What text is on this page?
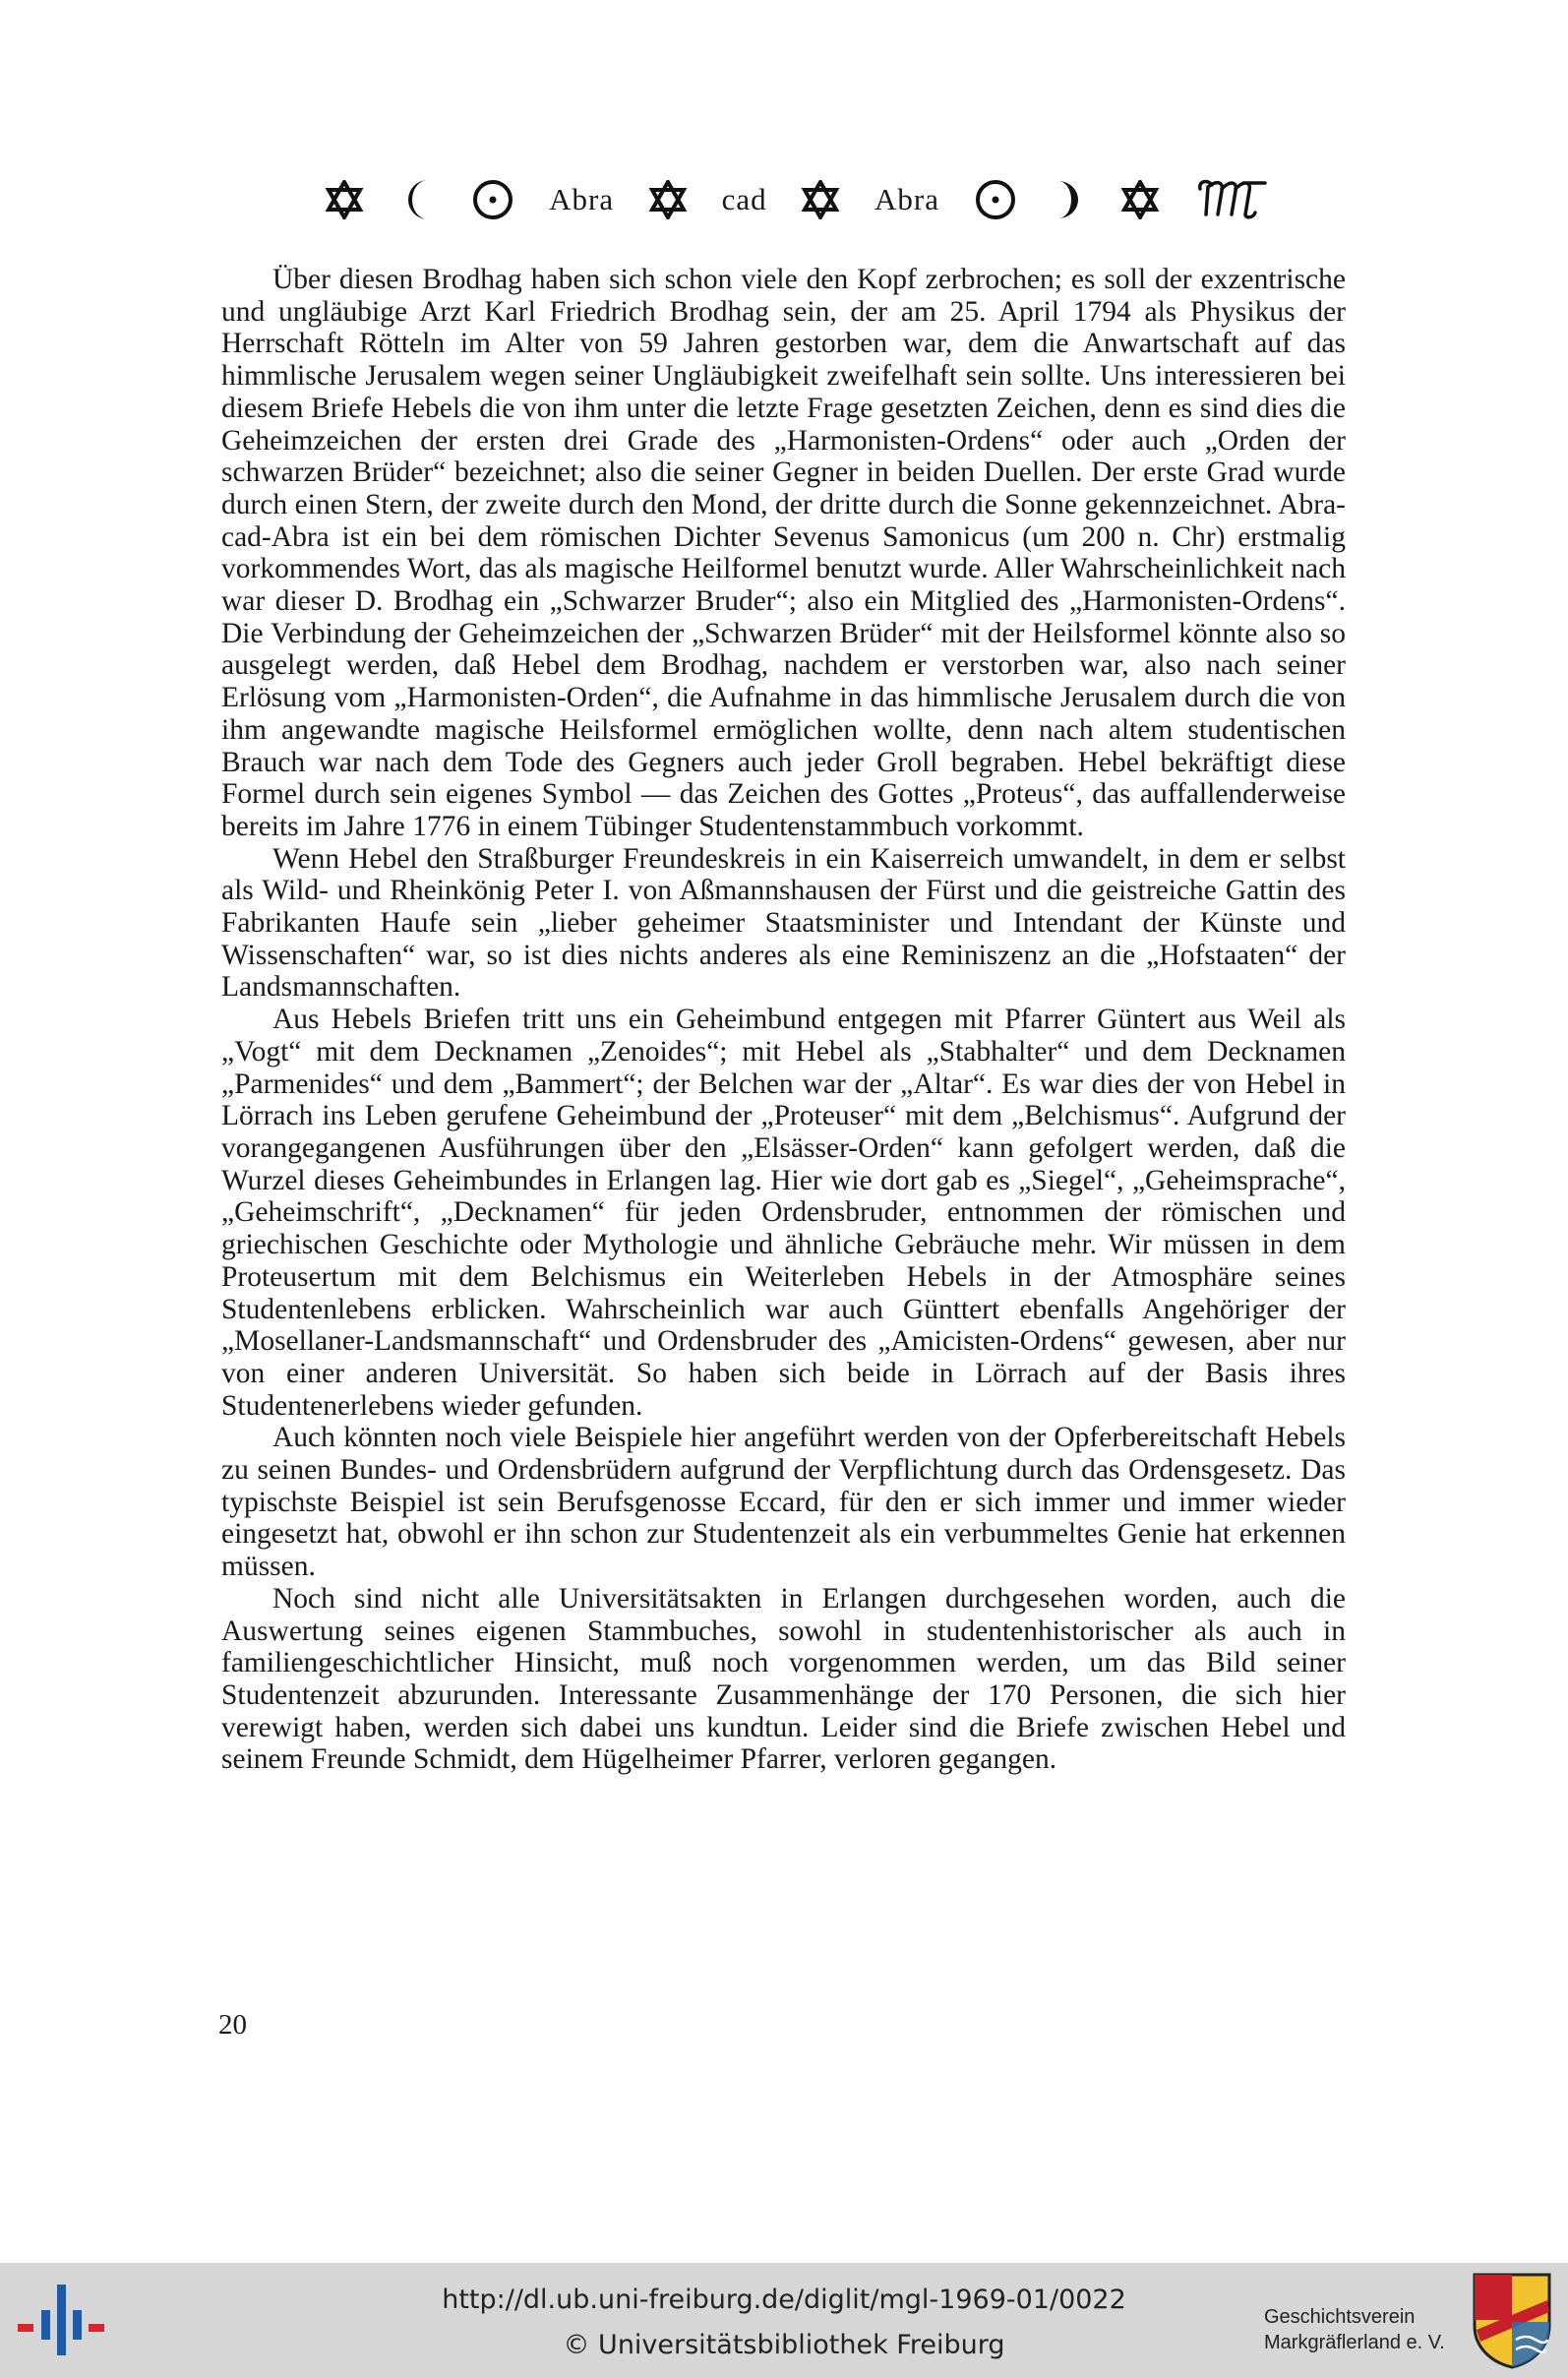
Abra	cad	Abra

Über diesen Brodhag haben sich schon viele den Kopf zerbrochen; es soll der exzentrische und ungläubige Arzt Karl Friedrich Brodhag sein, der am 25. April 1794 als Physikus der Herrschaft Rötteln im Alter von 59 Jahren gestorben war, dem die Anwartschaft auf das himmlische Jerusalem wegen seiner Ungläubigkeit zweifelhaft sein sollte. Uns interessieren bei diesem Briefe Hebels die von ihm unter die letzte Frage gesetzten Zeichen, denn es sind dies die Geheimzeichen der ersten drei Grade des „Harmonisten-Ordens“ oder auch „Orden der schwarzen Brüder“ bezeichnet; also die seiner Gegner in beiden Duellen. Der erste Grad wurde durch einen Stern, der zweite durch den Mond, der dritte durch die Sonne gekennzeichnet. Abra-cad-Abra ist ein bei dem römischen Dichter Sevenus Samonicus (um 200 n. Chr) erstmalig vorkommendes Wort, das als magische Heilformel benutzt wurde. Aller Wahrscheinlichkeit nach war dieser D. Brodhag ein „Schwarzer Bruder“; also ein Mitglied des „Harmonisten-Ordens“. Die Verbindung der Geheimzeichen der „Schwarzen Brüder“ mit der Heilsformel könnte also so ausgelegt werden, daß Hebel dem Brodhag, nachdem er verstorben war, also nach seiner Erlösung vom „Harmonisten-Orden“, die Aufnahme in das himmlische Jerusalem durch die von ihm angewandte magische Heilsformel ermöglichen wollte, denn nach altem studentischen Brauch war nach dem Tode des Gegners auch jeder Groll begraben. Hebel bekräftigt diese Formel durch sein eigenes Symbol — das Zeichen des Gottes „Proteus“, das auffallenderweise bereits im Jahre 1776 in einem Tübinger Studentenstammbuch vorkommt.

Wenn Hebel den Straßburger Freundeskreis in ein Kaiserreich umwandelt, in dem er selbst als Wild- und Rheinkönig Peter I. von Aßmannshausen der Fürst und die geistreiche Gattin des Fabrikanten Haufe sein „lieber geheimer Staatsminister und Intendant der Künste und Wissenschaften“ war, so ist dies nichts anderes als eine Reminiszenz an die „Hofstaaten“ der Landsmannschaften.

Aus Hebels Briefen tritt uns ein Geheimbund entgegen mit Pfarrer Güntert aus Weil als „Vogt“ mit dem Decknamen „Zenoides“; mit Hebel als „Stabhalter“ und dem Decknamen „Parmenides“ und dem „Bammert“; der Belchen war der „Altar“. Es war dies der von Hebel in Lörrach ins Leben gerufene Geheimbund der „Proteuser“ mit dem „Belchismus“. Aufgrund der vorangegangenen Ausführungen über den „Elsässer-Orden“ kann gefolgert werden, daß die Wurzel dieses Geheimbundes in Erlangen lag. Hier wie dort gab es „Siegel“, „Geheimsprache“, „Geheimschrift“, „Decknamen“ für jeden Ordensbruder, entnommen der römischen und griechischen Geschichte oder Mythologie und ähnliche Gebräuche mehr. Wir müssen in dem Proteusertum mit dem Belchismus ein Weiterleben Hebels in der Atmosphäre seines Studentenlebens erblicken. Wahrscheinlich war auch Günttert ebenfalls Angehöriger der „Mosellaner-Landsmannschaft“ und Ordensbruder des „Amicisten-Ordens“ gewesen, aber nur von einer anderen Universität. So haben sich beide in Lörrach auf der Basis ihres Studentenerlebens wieder gefunden.

Auch könnten noch viele Beispiele hier angeführt werden von der Opferbereitschaft Hebels zu seinen Bundes- und Ordensbrüdern aufgrund der Verpflichtung durch das Ordensgesetz. Das typischste Beispiel ist sein Berufsgenosse Eccard, für den er sich immer und immer wieder eingesetzt hat, obwohl er ihn schon zur Studentenzeit als ein verbummeltes Genie hat erkennen müssen.

Noch sind nicht alle Universitätsakten in Erlangen durchgesehen worden, auch die Auswertung seines eigenen Stammbuches, sowohl in studentenhistorischer als auch in familiengeschichtlicher Hinsicht, muß noch vorgenommen werden, um das Bild seiner Studentenzeit abzurunden. Interessante Zusammenhänge der 170 Personen, die sich hier verewigt haben, werden sich dabei uns kundtun. Leider sind die Briefe zwischen Hebel und seinem Freunde Schmidt, dem Hügelheimer Pfarrer, verloren gegangen.

20
http://dl.ub.uni-freiburg.de/diglit/mgl-1969-01/0022
© Universitätsbibliothek Freiburg
Geschichtsverein
Markgräflerland e. V.
